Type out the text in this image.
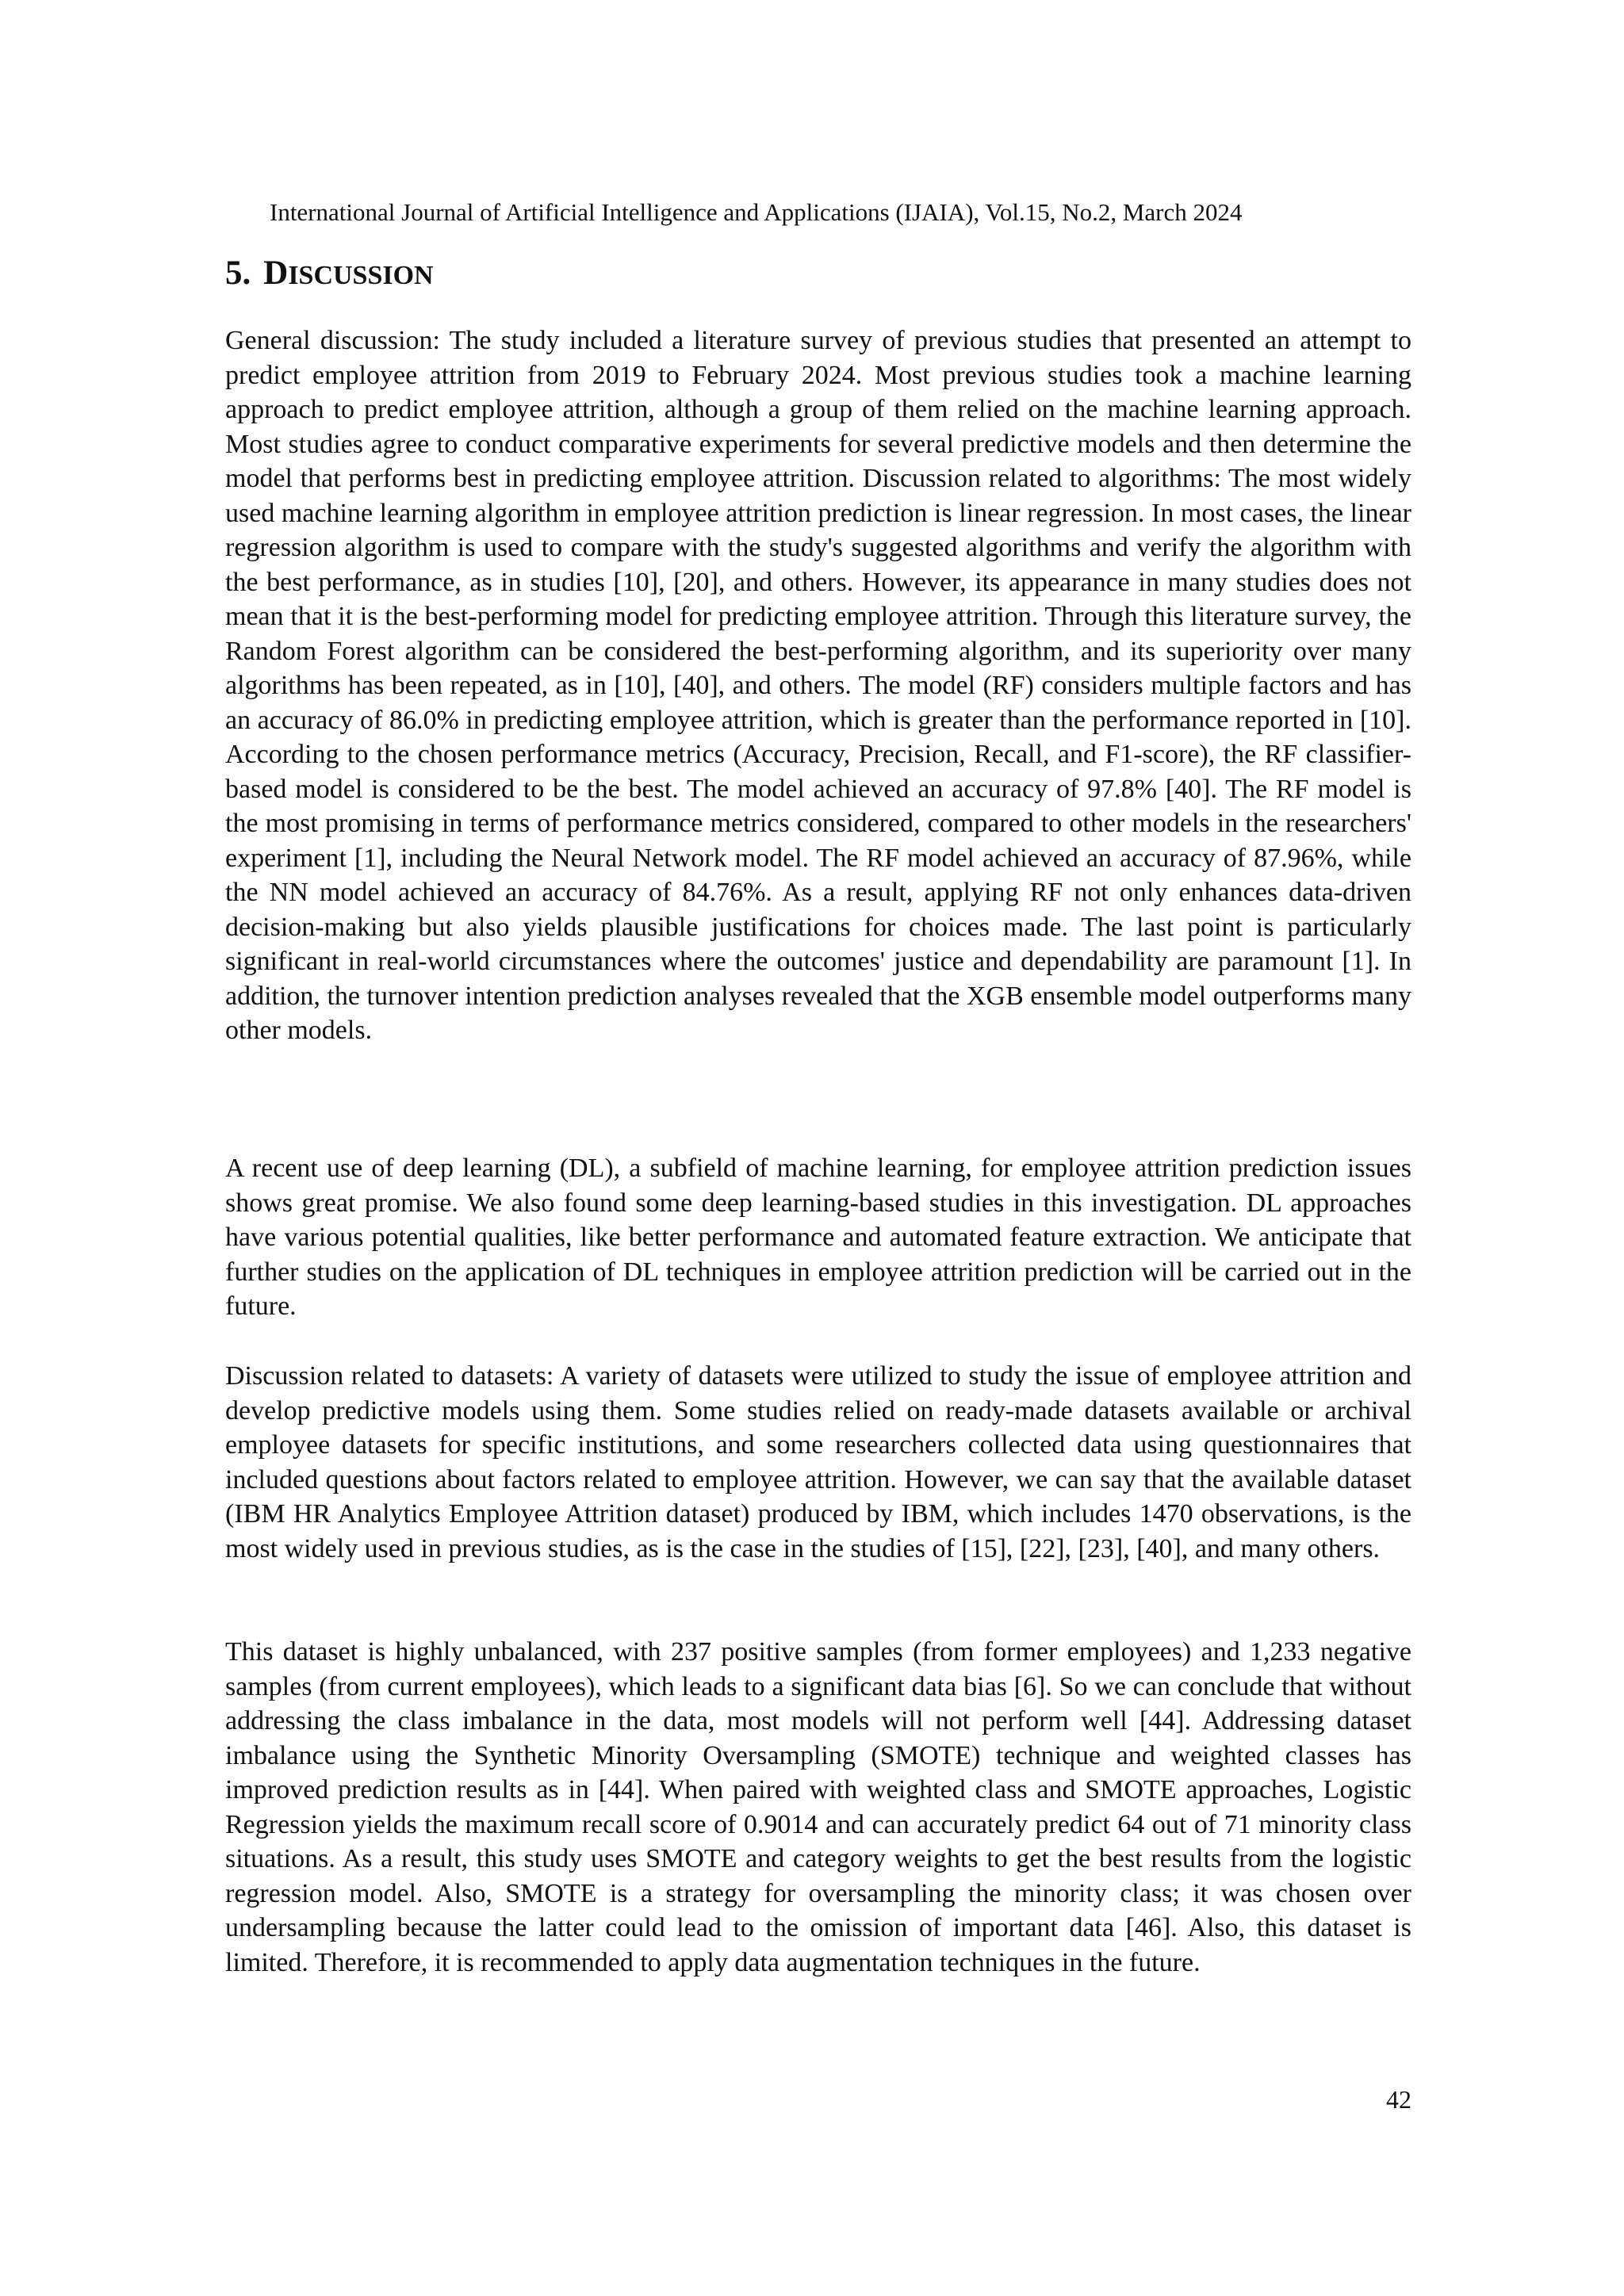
International Journal of Artificial Intelligence and Applications (IJAIA), Vol.15, No.2, March 2024
5. DISCUSSION

General discussion: The study included a literature survey of previous studies that presented an attempt to predict employee attrition from 2019 to February 2024. Most previous studies took a machine learning approach to predict employee attrition, although a group of them relied on the machine learning approach. Most studies agree to conduct comparative experiments for several predictive models and then determine the model that performs best in predicting employee attrition. Discussion related to algorithms: The most widely used machine learning algorithm in employee attrition prediction is linear regression. In most cases, the linear regression algorithm is used to compare with the study's suggested algorithms and verify the algorithm with the best performance, as in studies [10], [20], and others. However, its appearance in many studies does not mean that it is the best-performing model for predicting employee attrition. Through this literature survey, the Random Forest algorithm can be considered the best-performing algorithm, and its superiority over many algorithms has been repeated, as in [10], [40], and others. The model (RF) considers multiple factors and has an accuracy of 86.0% in predicting employee attrition, which is greater than the performance reported in [10]. According to the chosen performance metrics (Accuracy, Precision, Recall, and F1-score), the RF classifier-based model is considered to be the best. The model achieved an accuracy of 97.8% [40]. The RF model is the most promising in terms of performance metrics considered, compared to other models in the researchers' experiment [1], including the Neural Network model. The RF model achieved an accuracy of 87.96%, while the NN model achieved an accuracy of 84.76%. As a result, applying RF not only enhances data-driven decision-making but also yields plausible justifications for choices made. The last point is particularly significant in real-world circumstances where the outcomes' justice and dependability are paramount [1]. In addition, the turnover intention prediction analyses revealed that the XGB ensemble model outperforms many other models.

A recent use of deep learning (DL), a subfield of machine learning, for employee attrition prediction issues shows great promise. We also found some deep learning-based studies in this investigation. DL approaches have various potential qualities, like better performance and automated feature extraction. We anticipate that further studies on the application of DL techniques in employee attrition prediction will be carried out in the future.

Discussion related to datasets: A variety of datasets were utilized to study the issue of employee attrition and develop predictive models using them. Some studies relied on ready-made datasets available or archival employee datasets for specific institutions, and some researchers collected data using questionnaires that included questions about factors related to employee attrition. However, we can say that the available dataset (IBM HR Analytics Employee Attrition dataset) produced by IBM, which includes 1470 observations, is the most widely used in previous studies, as is the case in the studies of [15], [22], [23], [40], and many others.

This dataset is highly unbalanced, with 237 positive samples (from former employees) and 1,233 negative samples (from current employees), which leads to a significant data bias [6]. So we can conclude that without addressing the class imbalance in the data, most models will not perform well [44]. Addressing dataset imbalance using the Synthetic Minority Oversampling (SMOTE) technique and weighted classes has improved prediction results as in [44]. When paired with weighted class and SMOTE approaches, Logistic Regression yields the maximum recall score of 0.9014 and can accurately predict 64 out of 71 minority class situations. As a result, this study uses SMOTE and category weights to get the best results from the logistic regression model. Also, SMOTE is a strategy for oversampling the minority class; it was chosen over undersampling because the latter could lead to the omission of important data [46]. Also, this dataset is limited. Therefore, it is recommended to apply data augmentation techniques in the future.

42
